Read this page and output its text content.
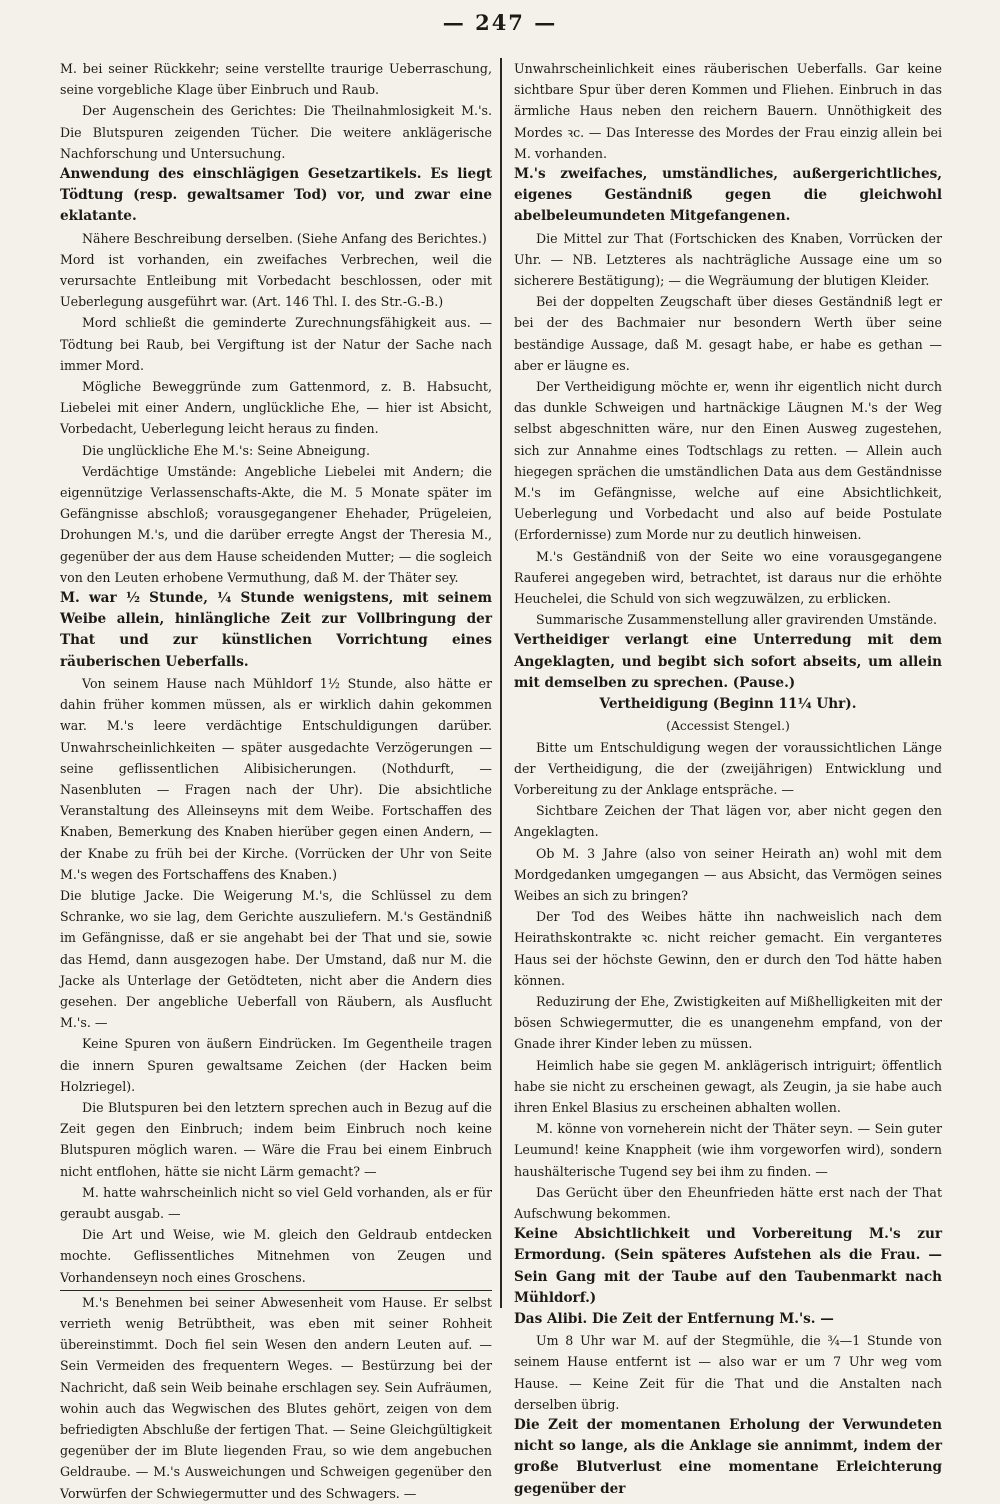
— 247 —

M. bei seiner Rückkehr; seine verstellte traurige Ueberraschung, seine vorgebliche Klage über Einbruch und Raub.

Der Augenschein des Gerichtes: Die Theilnahmlosigkeit M.'s. Die Blutspuren zeigenden Tücher. Die weitere anklägerische Nachforschung und Untersuchung.

Anwendung des einschlägigen Gesetzartikels. Es liegt Tödtung (resp. gewaltsamer Tod) vor, und zwar eine eklatante.

Nähere Beschreibung derselben. (Siehe Anfang des Berichtes.)

Mord ist vorhanden, ein zweifaches Verbrechen, weil die verursachte Entleibung mit Vorbedacht beschlossen, oder mit Ueberlegung ausgeführt war. (Art. 146 Thl. I. des Str.-G.-B.)

Mord schließt die geminderte Zurechnungsfähigkeit aus. — Tödtung bei Raub, bei Vergiftung ist der Natur der Sache nach immer Mord.

Mögliche Beweggründe zum Gattenmord, z. B. Habsucht, Liebelei mit einer Andern, unglückliche Ehe, — hier ist Absicht, Vorbedacht, Ueberlegung leicht heraus zu finden.

Die unglückliche Ehe M.'s: Seine Abneigung.

Verdächtige Umstände: Angebliche Liebelei mit Andern; die eigennützige Verlassenschafts-Akte, die M. 5 Monate später im Gefängnisse abschloß; vorausgegangener Ehehader, Prügeleien, Drohungen M.'s, und die darüber erregte Angst der Theresia M., gegenüber der aus dem Hause scheidenden Mutter; — die sogleich von den Leuten erhobene Vermuthung, daß M. der Thäter sey.

M. war ½ Stunde, ¼ Stunde wenigstens, mit seinem Weibe allein, hinlängliche Zeit zur Vollbringung der That und zur künstlichen Vorrichtung eines räuberischen Ueberfalls.

Von seinem Hause nach Mühldorf 1½ Stunde, also hätte er dahin früher kommen müssen, als er wirklich dahin gekommen war. M.'s leere verdächtige Entschuldigungen darüber. Unwahrscheinlichkeiten — später ausgedachte Verzögerungen — seine geflissentlichen Alibisicherungen. (Nothdurft, — Nasenbluten — Fragen nach der Uhr). Die absichtliche Veranstaltung des Alleinseyns mit dem Weibe. Fortschaffen des Knaben, Bemerkung des Knaben hierüber gegen einen Andern, — der Knabe zu früh bei der Kirche. (Vorrücken der Uhr von Seite M.'s wegen des Fortschaffens des Knaben.)

Die blutige Jacke. Die Weigerung M.'s, die Schlüssel zu dem Schranke, wo sie lag, dem Gerichte auszuliefern. M.'s Geständniß im Gefängnisse, daß er sie angehabt bei der That und sie, sowie das Hemd, dann ausgezogen habe. Der Umstand, daß nur M. die Jacke als Unterlage der Getödteten, nicht aber die Andern dies gesehen. Der angebliche Ueberfall von Räubern, als Ausflucht M.'s. —

Keine Spuren von äußern Eindrücken. Im Gegentheile tragen die innern Spuren gewaltsame Zeichen (der Hacken beim Holzriegel).

Die Blutspuren bei den letztern sprechen auch in Bezug auf die Zeit gegen den Einbruch; indem beim Einbruch noch keine Blutspuren möglich waren. — Wäre die Frau bei einem Einbruch nicht entflohen, hätte sie nicht Lärm gemacht? —

M. hatte wahrscheinlich nicht so viel Geld vorhanden, als er für geraubt ausgab. —

Die Art und Weise, wie M. gleich den Geldraub entdecken mochte. Geflissentliches Mitnehmen von Zeugen und Vorhandenseyn noch eines Groschens.

M.'s Benehmen bei seiner Abwesenheit vom Hause. Er selbst verrieth wenig Betrübtheit, was eben mit seiner Rohheit übereinstimmt. Doch fiel sein Wesen den andern Leuten auf. — Sein Vermeiden des frequentern Weges. — Bestürzung bei der Nachricht, daß sein Weib beinahe erschlagen sey. Sein Aufräumen, wohin auch das Wegwischen des Blutes gehört, zeigen von dem befriedigten Abschluße der fertigen That. — Seine Gleichgültigkeit gegenüber der im Blute liegenden Frau, so wie dem angebuchen Geldraube. — M.'s Ausweichungen und Schweigen gegenüber den Vorwürfen der Schwiegermutter und des Schwagers. —

Unwahrscheinlichkeit eines räuberischen Ueberfalls. Gar keine sichtbare Spur über deren Kommen und Fliehen. Einbruch in das ärmliche Haus neben den reichern Bauern. Unnöthigkeit des Mordes ꝛc. — Das Interesse des Mordes der Frau einzig allein bei M. vorhanden.

M.'s zweifaches, umständliches, außergerichtliches, eigenes Geständniß gegen die gleichwohl abelbeleumundeten Mitgefangenen.

Die Mittel zur That (Fortschicken des Knaben, Vorrücken der Uhr. — NB. Letzteres als nachträgliche Aussage eine um so sicherere Bestätigung); — die Wegräumung der blutigen Kleider.

Bei der doppelten Zeugschaft über dieses Geständniß legt er bei der des Bachmaier nur besondern Werth über seine beständige Aussage, daß M. gesagt habe, er habe es gethan — aber er läugne es.

Der Vertheidigung möchte er, wenn ihr eigentlich nicht durch das dunkle Schweigen und hartnäckige Läugnen M.'s der Weg selbst abgeschnitten wäre, nur den Einen Ausweg zugestehen, sich zur Annahme eines Todtschlags zu retten. — Allein auch hiegegen sprächen die umständlichen Data aus dem Geständnisse M.'s im Gefängnisse, welche auf eine Absichtlichkeit, Ueberlegung und Vorbedacht und also auf beide Postulate (Erfordernisse) zum Morde nur zu deutlich hinweisen.

M.'s Geständniß von der Seite wo eine vorausgegangene Rauferei angegeben wird, betrachtet, ist daraus nur die erhöhte Heuchelei, die Schuld von sich wegzuwälzen, zu erblicken.

Summarische Zusammenstellung aller gravirenden Umstände.

Vertheidiger verlangt eine Unterredung mit dem Angeklagten, und begibt sich sofort abseits, um allein mit demselben zu sprechen. (Pause.)

Vertheidigung (Beginn 11¼ Uhr).

(Accessist Stengel.)

Bitte um Entschuldigung wegen der voraussichtlichen Länge der Vertheidigung, die der (zweijährigen) Entwicklung und Vorbereitung zu der Anklage entspräche. —

Sichtbare Zeichen der That lägen vor, aber nicht gegen den Angeklagten.

Ob M. 3 Jahre (also von seiner Heirath an) wohl mit dem Mordgedanken umgegangen — aus Absicht, das Vermögen seines Weibes an sich zu bringen?

Der Tod des Weibes hätte ihn nachweislich nach dem Heirathskontrakte ꝛc. nicht reicher gemacht. Ein verganteтes Haus sei der höchste Gewinn, den er durch den Tod hätte haben können.

Reduzirung der Ehe, Zwistigkeiten auf Mißhelligkeiten mit der bösen Schwiegermutter, die es unangenehm empfand, von der Gnade ihrer Kinder leben zu müssen.

Heimlich habe sie gegen M. anklägerisch intriguirt; öffentlich habe sie nicht zu erscheinen gewagt, als Zeugin, ja sie habe auch ihren Enkel Blasius zu erscheinen abhalten wollen.

M. könne von vorneherein nicht der Thäter seyn. — Sein guter Leumund! keine Knappheit (wie ihm vorgeworfen wird), sondern haushälterische Tugend sey bei ihm zu finden. —

Das Gerücht über den Eheunfrieden hätte erst nach der That Aufschwung bekommen.

Keine Absichtlichkeit und Vorbereitung M.'s zur Ermordung. (Sein späteres Aufstehen als die Frau. — Sein Gang mit der Taube auf den Taubenmarkt nach Mühldorf.)

Das Alibi. Die Zeit der Entfernung M.'s. —

Um 8 Uhr war M. auf der Stegmühle, die ¾—1 Stunde von seinem Hause entfernt ist — also war er um 7 Uhr weg vom Hause. — Keine Zeit für die That und die Anstalten nach derselben übrig.

Die Zeit der momentanen Erholung der Verwundeten nicht so lange, als die Anklage sie annimmt, indem der große Blutverlust eine momentane Erleichterung gegenüber der
